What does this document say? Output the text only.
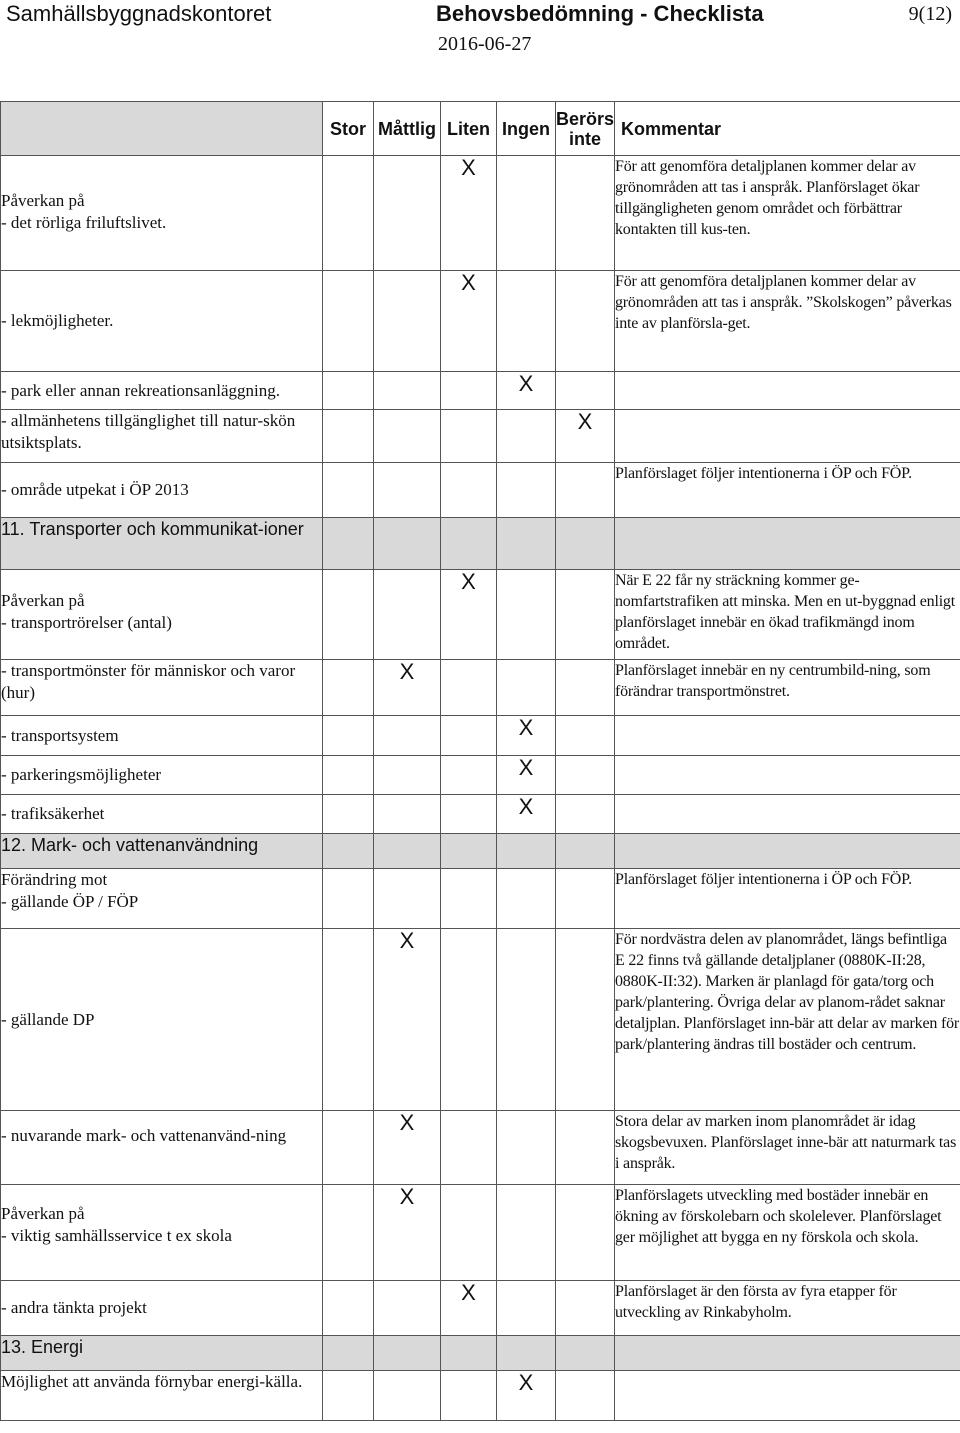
Samhällsbyggnadskontoret	Behovsbedömning - Checklista	9(12)
2016-06-27
	Stor	Måttlig	Liten	Ingen	Berörs
inte	Kommentar

Påverkan på
- det rörliga friluftslivet.			X			För att genomföra detaljplanen kommer delar av grönområden att tas i anspråk. Planförslaget ökar tillgängligheten genom området och förbättrar kontakten till kus-ten.
- lekmöjligheter.			X			För att genomföra detaljplanen kommer delar av grönområden att tas i anspråk. ”Skolskogen” påverkas inte av planförsla-get.
- park eller annan rekreationsanläggning.				X		
- allmänhetens tillgänglighet till natur-skön utsiktsplats.					X	
- område utpekat i ÖP 2013						Planförslaget följer intentionerna i ÖP och FÖP.
11. Transporter och kommunikat-ioner						

Påverkan på
- transportrörelser (antal)			X			När E 22 får ny sträckning kommer ge-nomfartstrafiken att minska. Men en ut-byggnad enligt planförslaget innebär en ökad trafikmängd inom området.
- transportmönster för människor och varor (hur)		X				Planförslaget innebär en ny centrumbild-ning, som förändrar transportmönstret.
- transportsystem				X		
- parkeringsmöjligheter				X		
- trafiksäkerhet				X		
12. Mark- och vattenanvändning						

Förändring mot
- gällande ÖP / FÖP						Planförslaget följer intentionerna i ÖP och FÖP.
- gällande DP		X				För nordvästra delen av planområdet, längs befintliga E 22 finns två gällande detaljplaner (0880K-II:28, 0880K-II:32). Marken är planlagd för gata/torg och park/plantering. Övriga delar av planom-rådet saknar detaljplan. Planförslaget inn-bär att delar av marken för park/plantering ändras till bostäder och centrum.
- nuvarande mark- och vattenanvänd-ning		X				Stora delar av marken inom planområdet är idag skogsbevuxen. Planförslaget inne-bär att naturmark tas i anspråk.

Påverkan på
- viktig samhällsservice t ex skola		X				Planförslagets utveckling med bostäder innebär en ökning av förskolebarn och skolelever. Planförslaget ger möjlighet att bygga en ny förskola och skola.
- andra tänkta projekt			X			Planförslaget är den första av fyra etapper för utveckling av Rinkabyholm.
13. Energi						
Möjlighet att använda förnybar energi-källa.				X		
